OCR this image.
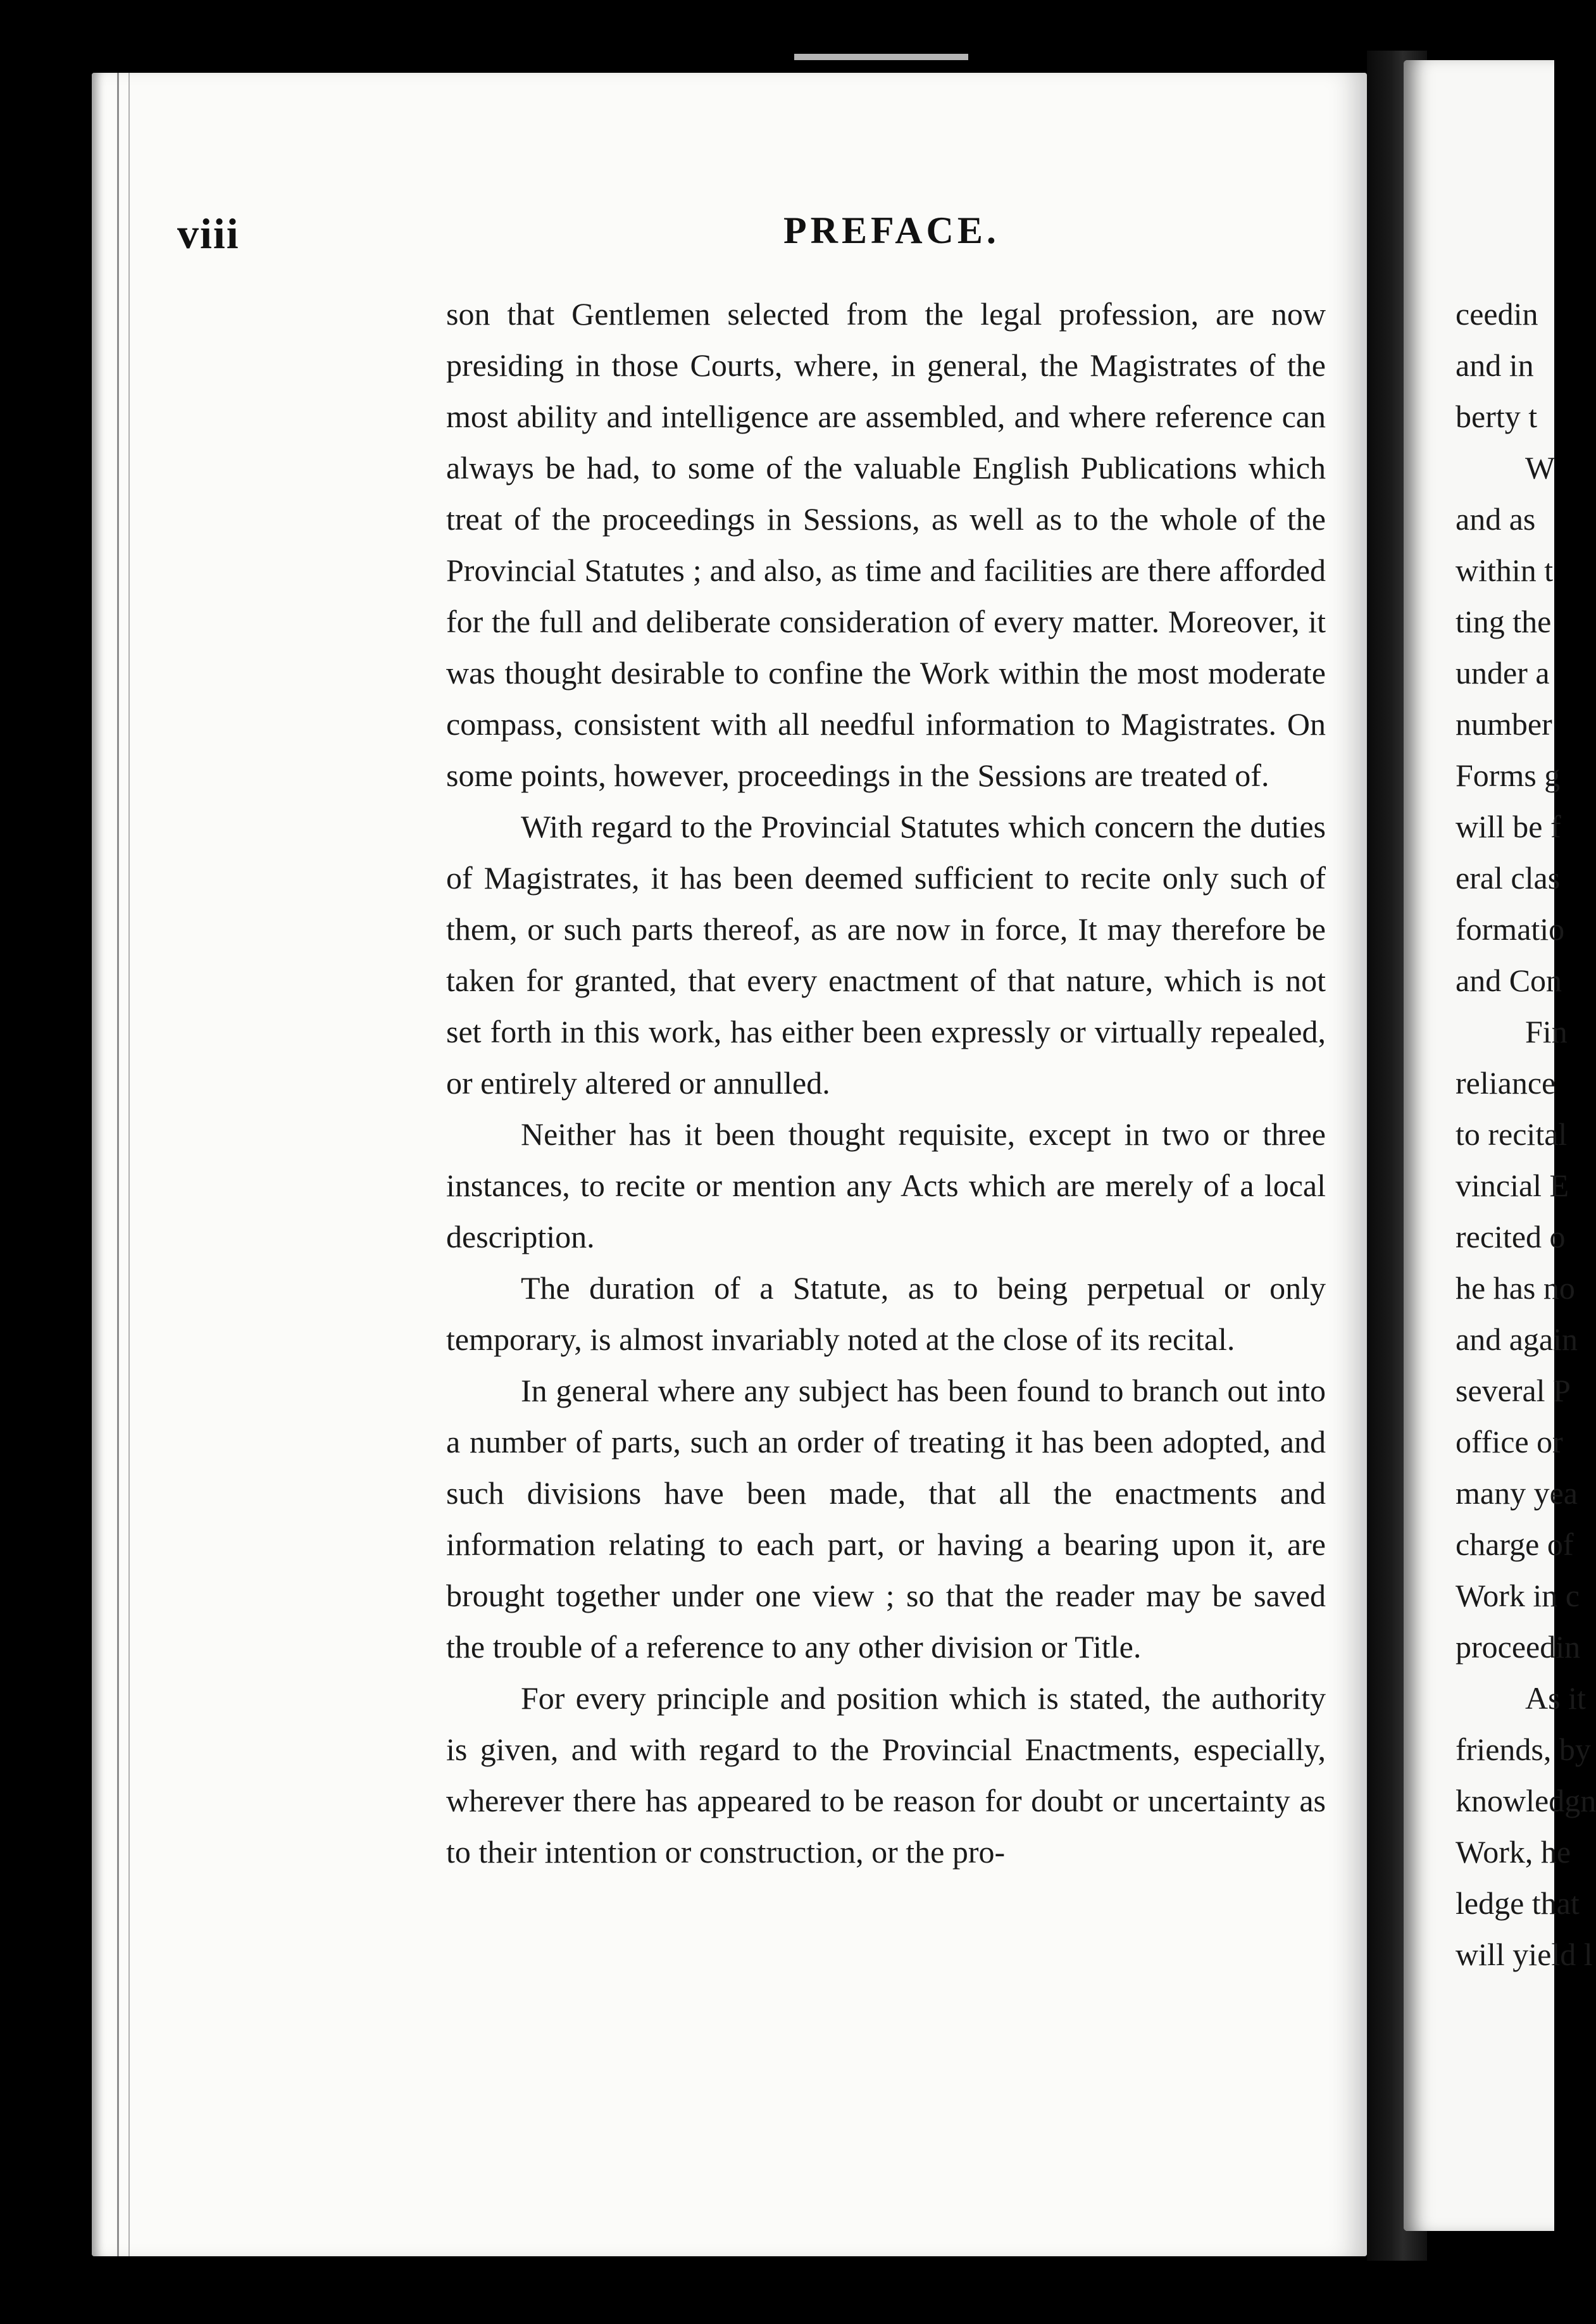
viii	PREFACE.

son that Gentlemen selected from the legal profession, are now presiding in those Courts, where, in general, the Magistrates of the most ability and intelligence are assembled, and where reference can always be had, to some of the valuable English Publications which treat of the proceedings in Sessions, as well as to the whole of the Provincial Statutes ; and also, as time and facilities are there afforded for the full and deliberate consideration of every matter. Moreover, it was thought desirable to confine the Work within the most moderate compass, consistent with all needful information to Magistrates. On some points, however, proceedings in the Sessions are treated of.

With regard to the Provincial Statutes which concern the duties of Magistrates, it has been deemed sufficient to recite only such of them, or such parts thereof, as are now in force, It may therefore be taken for granted, that every enactment of that nature, which is not set forth in this work, has either been expressly or virtually repealed, or entirely altered or annulled.

Neither has it been thought requisite, except in two or three instances, to recite or mention any Acts which are merely of a local description.

The duration of a Statute, as to being perpetual or only temporary, is almost invariably noted at the close of its recital.

In general where any subject has been found to branch out into a number of parts, such an order of treating it has been adopted, and such divisions have been made, that all the enactments and information relating to each part, or having a bearing upon it, are brought together under one view ; so that the reader may be saved the trouble of a reference to any other division or Title.

For every principle and position which is stated, the authority is given, and with regard to the Provincial Enactments, especially, wherever there has appeared to be reason for doubt or uncertainty as to their intention or construction, or the pro-

ceedin
and in
berty t
W
and as
within t
ting the
under a
number
Forms g
will be f
eral clas
formatio
and Con
Fin
reliance
to recital
vincial E
recited o
he has no
and again
several P
office or
many yea
charge of
Work in c
proceedin
As it
friends, by
knowledgn
Work, he
ledge that
will yield l
